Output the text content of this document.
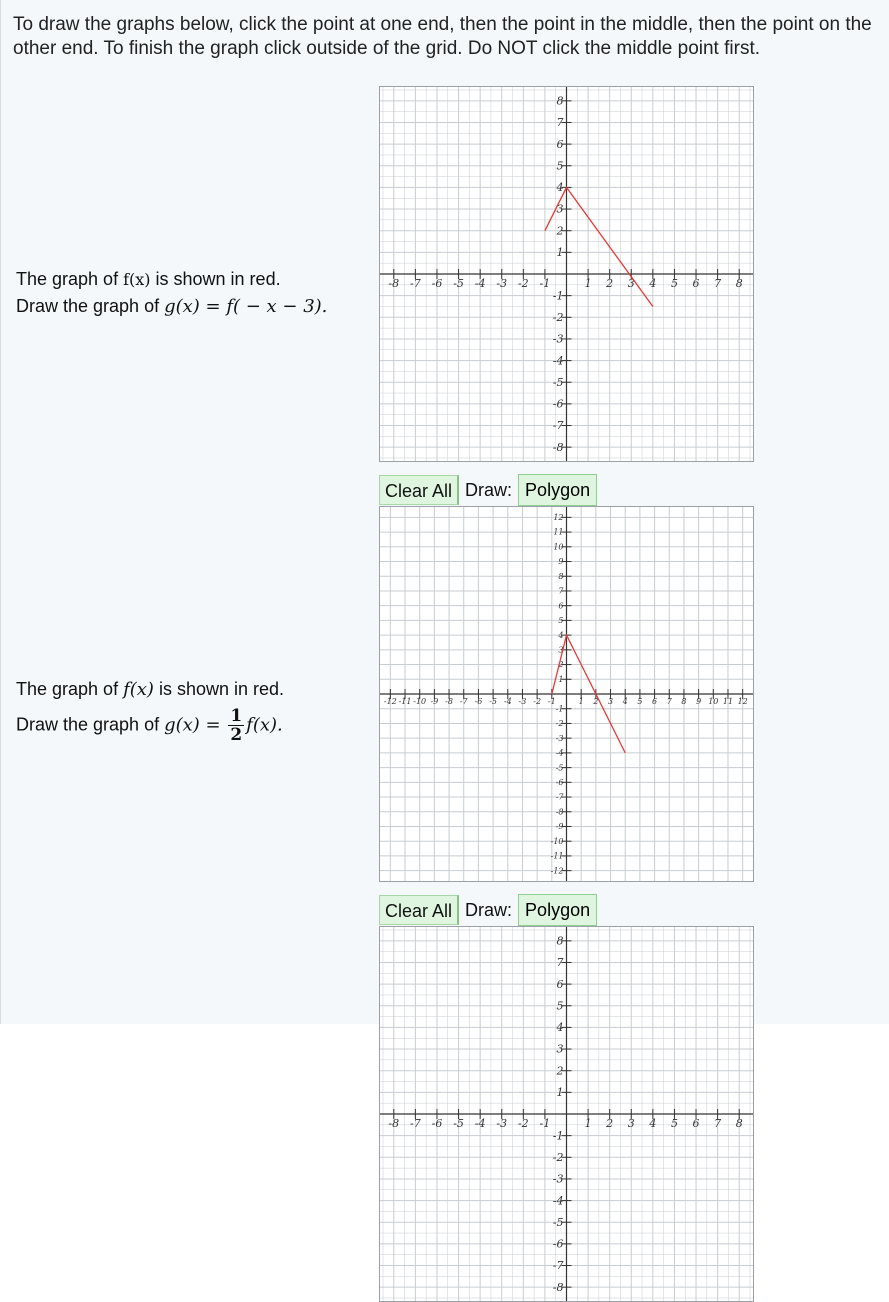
To draw the graphs below, click the point at one end, then the point in the middle, then the point on the other end. To finish the graph click outside of the grid. Do NOT click the middle point first.
The graph of f(x) is shown in red.
Draw the graph of g(x) = f( − x − 3).
-8
-8
-7
-7
-6
-6
-5
-5
-4
-4
-3
-3
-2
-2
-1
-1
1
1
2
2
3
3
4
4
5
5
6
6
7
7
8
8
Clear All Draw: Polygon
The graph of f(x) is shown in red.
Draw the graph of $g(x) = \frac{1}{2} f(x)$.
-12
-12
-11
-11
-10
-10
-9
-9
-8
-8
-7
-7
-6
-6
-5
-5
-4
-4
-3
-3
-2
-2
-1
-1
1
1
2
2
3
3
4
4
5
5
6
6
7
7
8
8
9
9
10
10
11
11
12
12
Clear All Draw: Polygon
-8
-8
-7
-7
-6
-6
-5
-5
-4
-4
-3
-3
-2
-2
-1
-1
1
1
2
2
3
3
4
4
5
5
6
6
7
7
8
8
